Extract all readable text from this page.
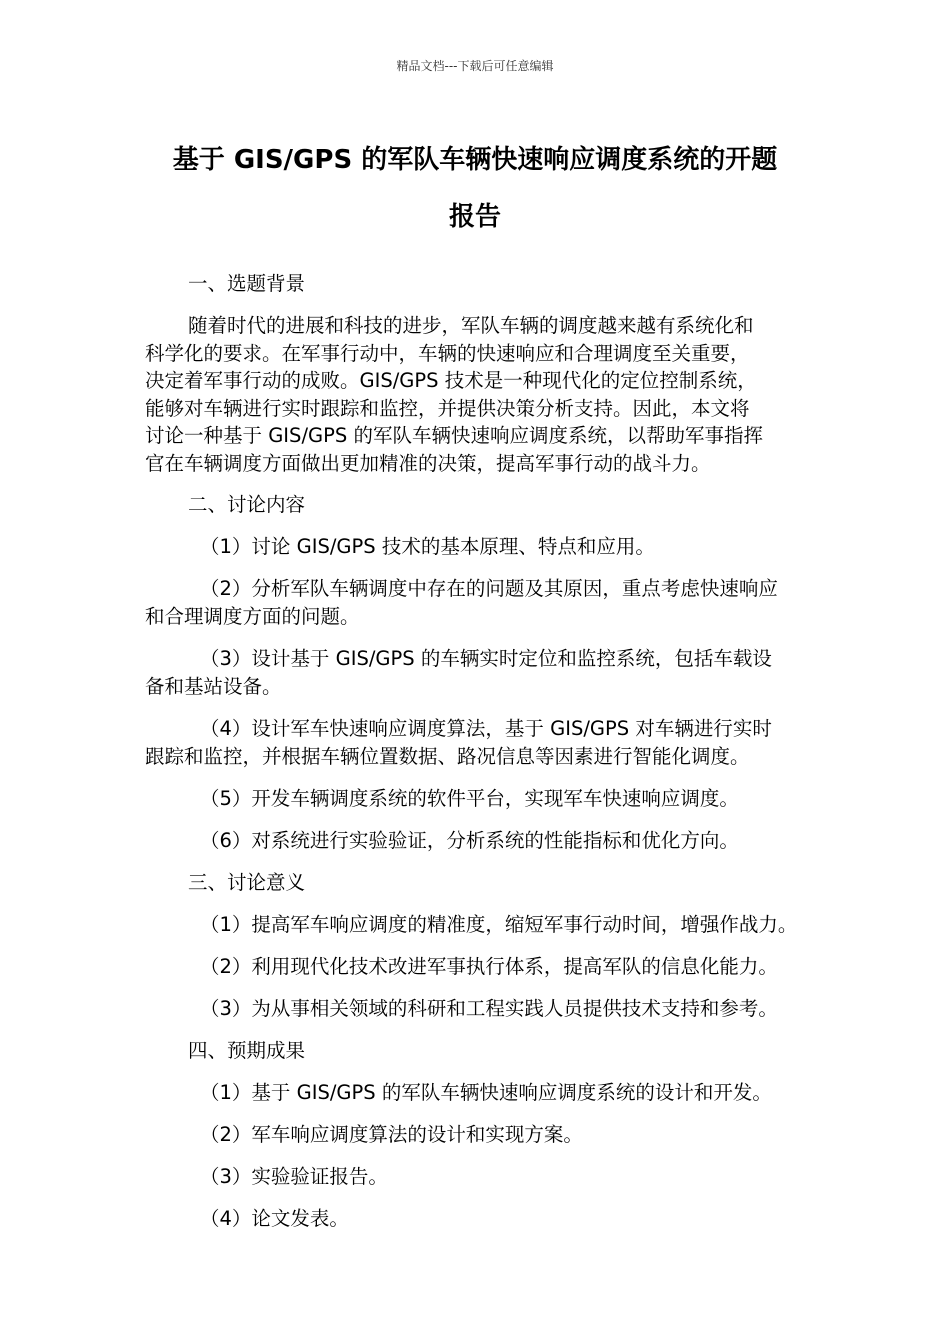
精品文档---下载后可任意编辑
基于 GIS/GPS 的军队车辆快速响应调度系统的开题
报告

一、选题背景

随着时代的进展和科技的进步，军队车辆的调度越来越有系统化和
科学化的要求。在军事行动中，车辆的快速响应和合理调度至关重要，
决定着军事行动的成败。GIS/GPS 技术是一种现代化的定位控制系统，
能够对车辆进行实时跟踪和监控，并提供决策分析支持。因此，本文将
讨论一种基于 GIS/GPS 的军队车辆快速响应调度系统，以帮助军事指挥
官在车辆调度方面做出更加精准的决策，提高军事行动的战斗力。

二、讨论内容

（1）讨论 GIS/GPS 技术的基本原理、特点和应用。

（2）分析军队车辆调度中存在的问题及其原因，重点考虑快速响应
和合理调度方面的问题。

（3）设计基于 GIS/GPS 的车辆实时定位和监控系统，包括车载设
备和基站设备。

（4）设计军车快速响应调度算法，基于 GIS/GPS 对车辆进行实时
跟踪和监控，并根据车辆位置数据、路况信息等因素进行智能化调度。

（5）开发车辆调度系统的软件平台，实现军车快速响应调度。

（6）对系统进行实验验证，分析系统的性能指标和优化方向。

三、讨论意义

（1）提高军车响应调度的精准度，缩短军事行动时间，增强作战力。

（2）利用现代化技术改进军事执行体系，提高军队的信息化能力。

（3）为从事相关领域的科研和工程实践人员提供技术支持和参考。

四、预期成果

（1）基于 GIS/GPS 的军队车辆快速响应调度系统的设计和开发。

（2）军车响应调度算法的设计和实现方案。

（3）实验验证报告。

（4）论文发表。
